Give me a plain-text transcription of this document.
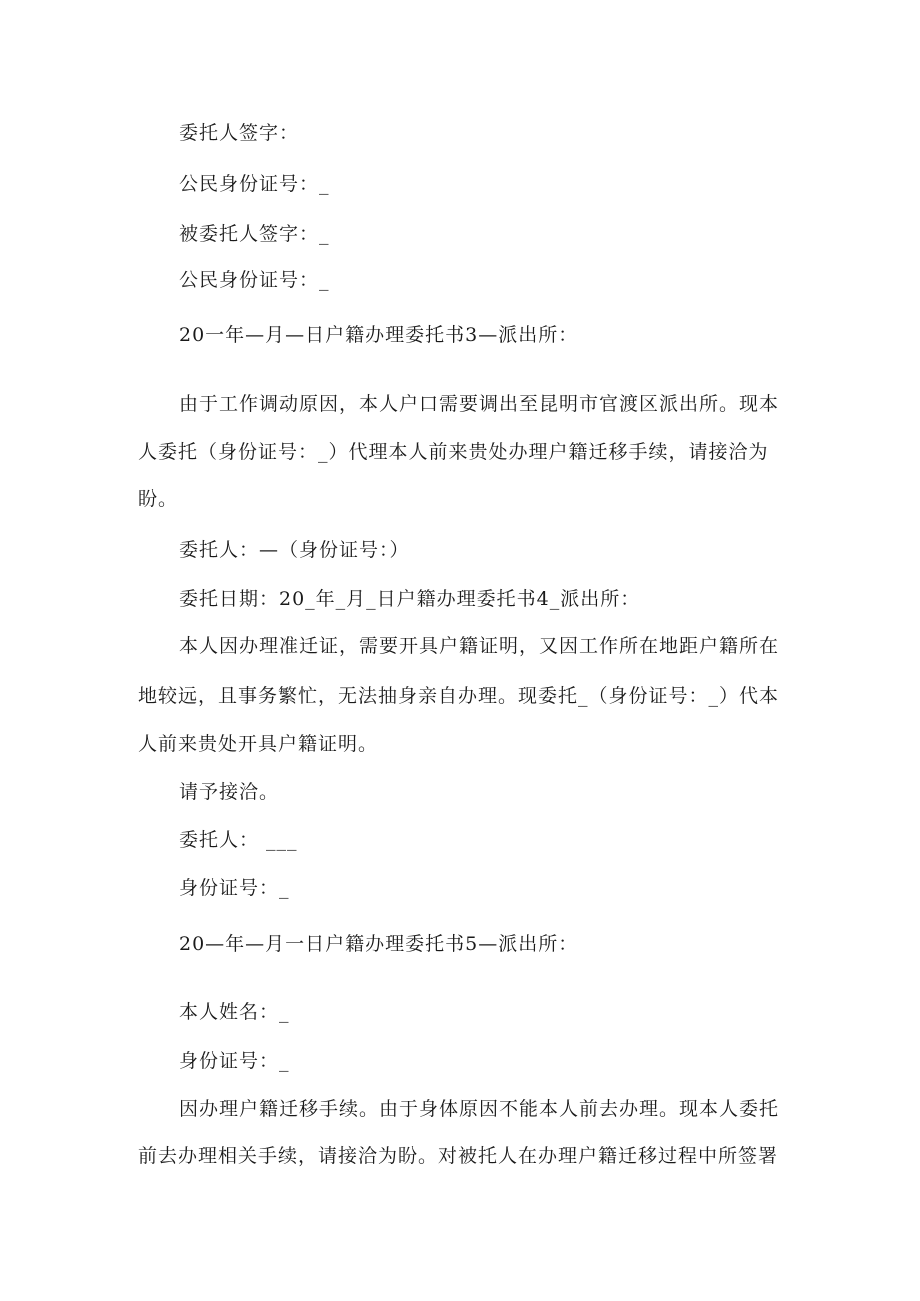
委托人签字：
公民身份证号：_
被委托人签字：_
公民身份证号：_
20一年—月—日户籍办理委托书3—派出所：
由于工作调动原因，本人户口需要调出至昆明市官渡区派出所。现本
人委托（身份证号：_）代理本人前来贵处办理户籍迁移手续，请接洽为
盼。
委托人：—（身份证号：）
委托日期：20_年_月_日户籍办理委托书4_派出所：
本人因办理准迁证，需要开具户籍证明，又因工作所在地距户籍所在
地较远，且事务繁忙，无法抽身亲自办理。现委托_（身份证号：_）代本
人前来贵处开具户籍证明。
请予接洽。
委托人： ___
身份证号：_
20—年—月一日户籍办理委托书5—派出所：
本人姓名：_
身份证号：_
因办理户籍迁移手续。由于身体原因不能本人前去办理。现本人委托
前去办理相关手续，请接洽为盼。对被托人在办理户籍迁移过程中所签署
